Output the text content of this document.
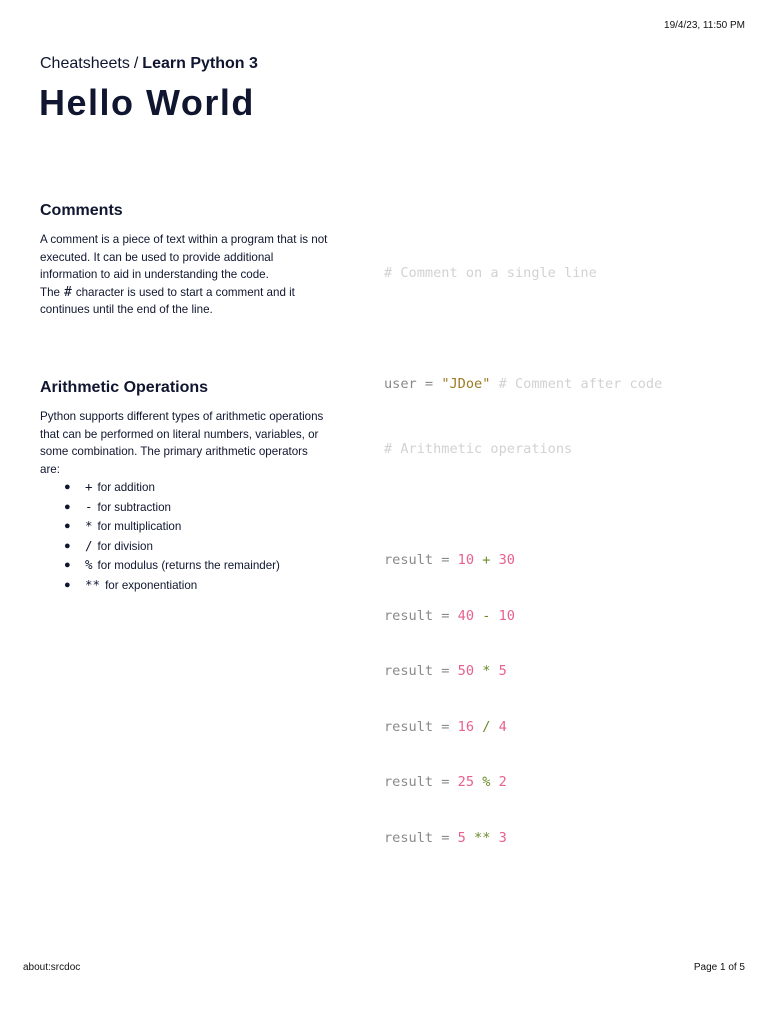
19/4/23, 11:50 PM
Cheatsheets / Learn Python 3
Hello World
Comments

A comment is a piece of text within a program that is not executed. It can be used to provide additional information to aid in understanding the code.

The # character is used to start a comment and it continues until the end of the line.

# Comment on a single line

user = "JDoe" # Comment after code

Arithmetic Operations

Python supports different types of arithmetic operations that can be performed on literal numbers, variables, or some combination. The primary arithmetic operators are:

● + for addition
● - for subtraction
● * for multiplication
● / for division
● % for modulus (returns the remainder)
● ** for exponentiation

# Arithmetic operations

result = 10 + 30

result = 40 - 10

result = 50 * 5

result = 16 / 4

result = 25 % 2

result = 5 ** 3

about:srcdoc	Page 1 of 5
